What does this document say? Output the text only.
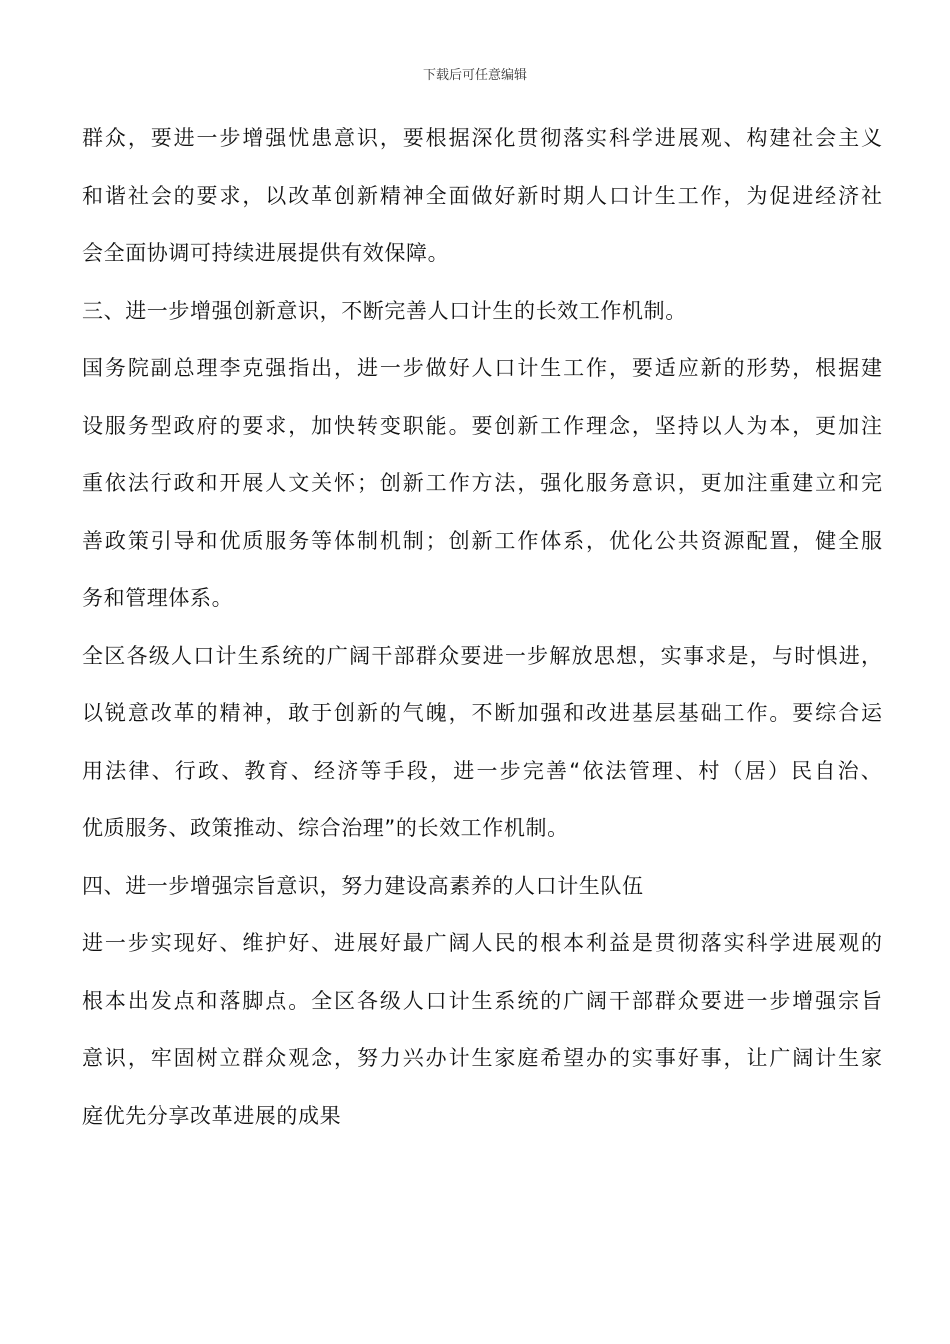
下载后可任意编辑
群众，要进一步增强忧患意识，要根据深化贯彻落实科学进展观、构建社会主义
和谐社会的要求，以改革创新精神全面做好新时期人口计生工作，为促进经济社
会全面协调可持续进展提供有效保障。
三、进一步增强创新意识，不断完善人口计生的长效工作机制。
国务院副总理李克强指出，进一步做好人口计生工作，要适应新的形势，根据建
设服务型政府的要求，加快转变职能。要创新工作理念，坚持以人为本，更加注
重依法行政和开展人文关怀；创新工作方法，强化服务意识，更加注重建立和完
善政策引导和优质服务等体制机制；创新工作体系，优化公共资源配置，健全服
务和管理体系。
全区各级人口计生系统的广阔干部群众要进一步解放思想，实事求是，与时惧进，
以锐意改革的精神，敢于创新的气魄，不断加强和改进基层基础工作。要综合运
用法律、行政、教育、经济等手段，进一步完善“依法管理、村（居）民自治、
优质服务、政策推动、综合治理”的长效工作机制。
四、进一步增强宗旨意识，努力建设高素养的人口计生队伍
进一步实现好、维护好、进展好最广阔人民的根本利益是贯彻落实科学进展观的
根本出发点和落脚点。全区各级人口计生系统的广阔干部群众要进一步增强宗旨
意识，牢固树立群众观念，努力兴办计生家庭希望办的实事好事，让广阔计生家
庭优先分享改革进展的成果
